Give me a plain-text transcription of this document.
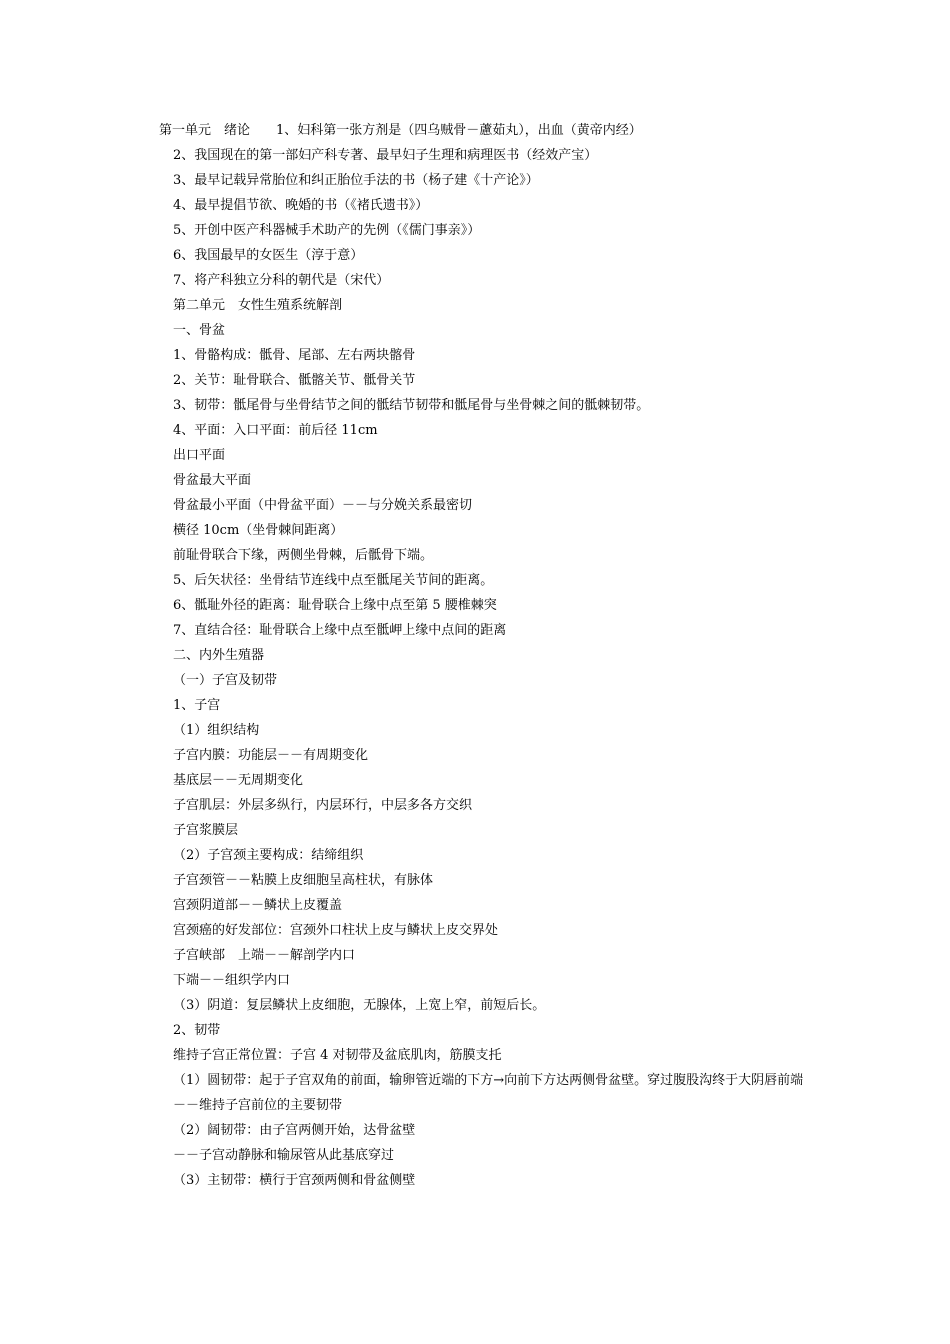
第一单元　绪论　　1、妇科第一张方剂是（四乌贼骨－藘茹丸），出血（黄帝内经）
2、我国现在的第一部妇产科专著、最早妇子生理和病理医书（经效产宝）
3、最早记载异常胎位和纠正胎位手法的书（杨子建《十产论》）
4、最早提倡节欲、晚婚的书（《褚氏遗书》）
5、开创中医产科器械手术助产的先例（《儒门事亲》）
6、我国最早的女医生（淳于意）
7、将产科独立分科的朝代是（宋代）
第二单元　女性生殖系统解剖
一、骨盆
1、骨骼构成：骶骨、尾部、左右两块髂骨
2、关节：耻骨联合、骶髂关节、骶骨关节
3、韧带：骶尾骨与坐骨结节之间的骶结节韧带和骶尾骨与坐骨棘之间的骶棘韧带。
4、平面：入口平面：前后径 11cm
出口平面
骨盆最大平面
骨盆最小平面（中骨盆平面）－－与分娩关系最密切
横径 10cm（坐骨棘间距离）
前耻骨联合下缘，两侧坐骨棘，后骶骨下端。
5、后矢状径：坐骨结节连线中点至骶尾关节间的距离。
6、骶耻外径的距离：耻骨联合上缘中点至第 5 腰椎棘突
7、直结合径：耻骨联合上缘中点至骶岬上缘中点间的距离
二、内外生殖器
（一）子宫及韧带
1、子宫
（1）组织结构
子宫内膜：功能层－－有周期变化
基底层－－无周期变化
子宫肌层：外层多纵行，内层环行，中层多各方交织
子宫浆膜层
（2）子宫颈主要构成：结缔组织
子宫颈管－－粘膜上皮细胞呈高柱状，有脉体
宫颈阴道部－－鳞状上皮覆盖
宫颈癌的好发部位：宫颈外口柱状上皮与鳞状上皮交界处
子宫峡部　上端－－解剖学内口
下端－－组织学内口
（3）阴道：复层鳞状上皮细胞，无腺体，上宽上窄，前短后长。
2、韧带
维持子宫正常位置：子宫 4 对韧带及盆底肌肉，筋膜支托
（1）圆韧带：起于子宫双角的前面，输卵管近端的下方→向前下方达两侧骨盆壁。穿过腹股沟终于大阴唇前端
－－维持子宫前位的主要韧带
（2）阔韧带：由子宫两侧开始，达骨盆壁
－－子宫动静脉和输尿管从此基底穿过
（3）主韧带：横行于宫颈两侧和骨盆侧壁
